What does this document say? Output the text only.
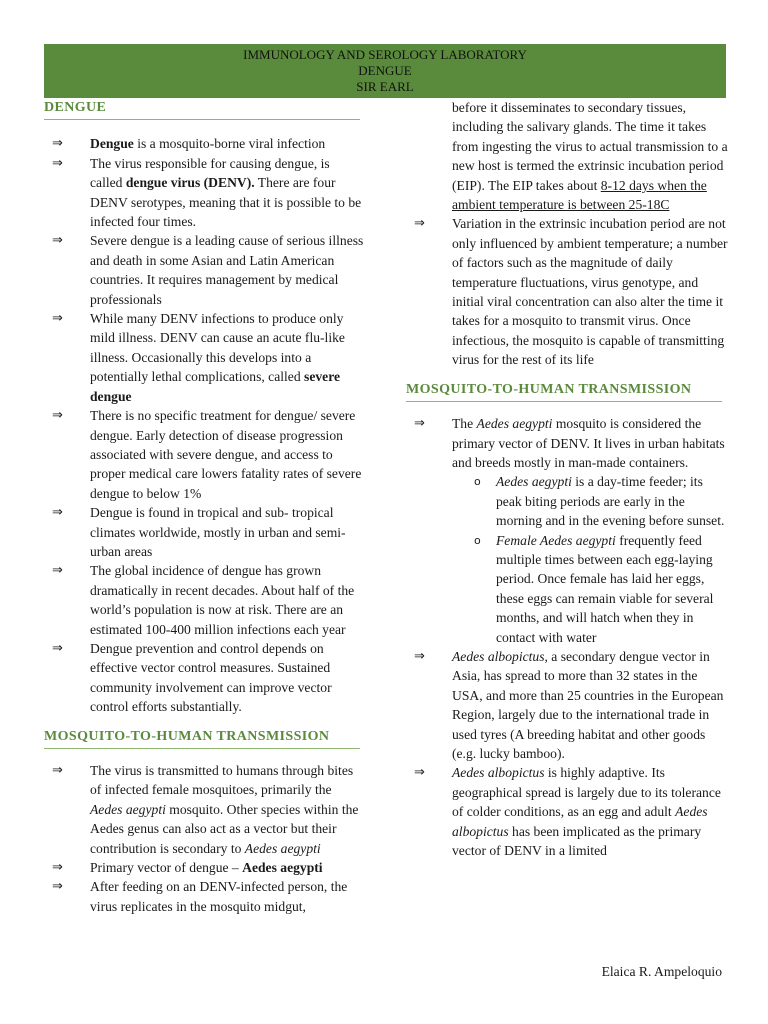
IMMUNOLOGY AND SEROLOGY LABORATORY
DENGUE
SIR EARL
DENGUE
⇒	Dengue is a mosquito-borne viral infection
⇒	The virus responsible for causing dengue, is called dengue virus (DENV). There are four DENV serotypes, meaning that it is possible to be infected four times.
⇒	Severe dengue is a leading cause of serious illness and death in some Asian and Latin American countries. It requires management by medical professionals
⇒	While many DENV infections to produce only mild illness. DENV can cause an acute flu-like illness. Occasionally this develops into a potentially lethal complications, called severe dengue
⇒	There is no specific treatment for dengue/ severe dengue. Early detection of disease progression associated with severe dengue, and access to proper medical care lowers fatality rates of severe dengue to below 1%
⇒	Dengue is found in tropical and sub- tropical climates worldwide, mostly in urban and semi-urban areas
⇒	The global incidence of dengue has grown dramatically in recent decades. About half of the world’s population is now at risk. There are an estimated 100-400 million infections each year
⇒	Dengue prevention and control depends on effective vector control measures. Sustained community involvement can improve vector control efforts substantially.
MOSQUITO-TO-HUMAN TRANSMISSION
⇒	The virus is transmitted to humans through bites of infected female mosquitoes, primarily the Aedes aegypti mosquito. Other species within the Aedes genus can also act as a vector but their contribution is secondary to Aedes aegypti
⇒	Primary vector of dengue – Aedes aegypti
⇒	After feeding on an DENV-infected person, the virus replicates in the mosquito midgut,
before it disseminates to secondary tissues, including the salivary glands. The time it takes from ingesting the virus to actual transmission to a new host is termed the extrinsic incubation period (EIP). The EIP takes about 8-12 days when the ambient temperature is between 25-18C
⇒	Variation in the extrinsic incubation period are not only influenced by ambient temperature; a number of factors such as the magnitude of daily temperature fluctuations, virus genotype, and initial viral concentration can also alter the time it takes for a mosquito to transmit virus. Once infectious, the mosquito is capable of transmitting virus for the rest of its life
MOSQUITO-TO-HUMAN TRANSMISSION
⇒	The Aedes aegypti mosquito is considered the primary vector of DENV. It lives in urban habitats and breeds mostly in man-made containers.
o	Aedes aegypti is a day-time feeder; its peak biting periods are early in the morning and in the evening before sunset.
o	Female Aedes aegypti frequently feed multiple times between each egg-laying period. Once female has laid her eggs, these eggs can remain viable for several months, and will hatch when they in contact with water
⇒	Aedes albopictus, a secondary dengue vector in Asia, has spread to more than 32 states in the USA, and more than 25 countries in the European Region, largely due to the international trade in used tyres (A breeding habitat and other goods (e.g. lucky bamboo).
⇒	Aedes albopictus is highly adaptive. Its geographical spread is largely due to its tolerance of colder conditions, as an egg and adult Aedes albopictus has been implicated as the primary vector of DENV in a limited
Elaica R. Ampeloquio
